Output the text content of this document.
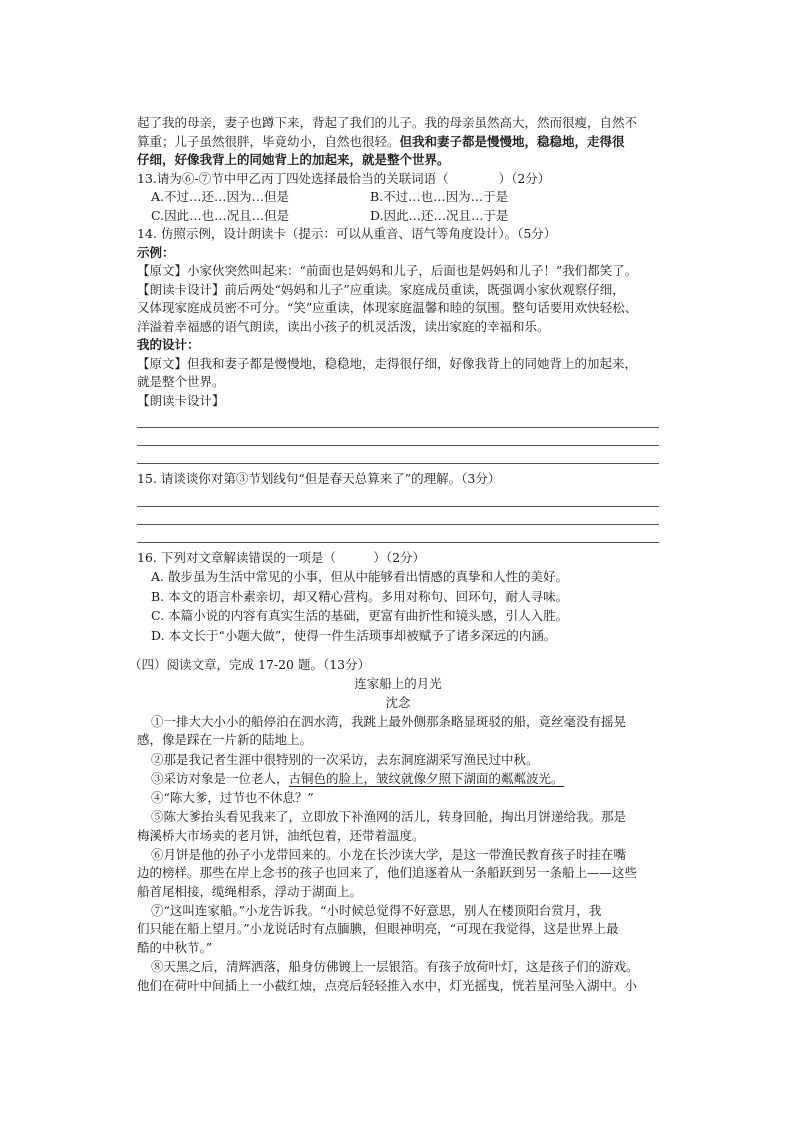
起了我的母亲，妻子也蹲下来，背起了我们的儿子。我的母亲虽然高大，然而很瘦，自然不

算重；儿子虽然很胖，毕竟幼小，自然也很轻。但我和妻子都是慢慢地，稳稳地，走得很

仔细，好像我背上的同她背上的加起来，就是整个世界。

13.请为⑥-⑦节中甲乙丙丁四处选择最恰当的关联词语（　　　　）（2分）

A.不过…还…因为…但是	B.不过…也…因为…于是
C.因此…也…况且…但是	D.因此…还…况且…于是

14. 仿照示例，设计朗读卡（提示：可以从重音、语气等角度设计）。（5分）

示例：

【原文】小家伙突然叫起来：“前面也是妈妈和儿子，后面也是妈妈和儿子！”我们都笑了。

【朗读卡设计】前后两处“妈妈和儿子”应重读。家庭成员重读，既强调小家伙观察仔细，

又体现家庭成员密不可分。“笑”应重读，体现家庭温馨和睦的氛围。整句话要用欢快轻松、

洋溢着幸福感的语气朗读，读出小孩子的机灵活泼，读出家庭的幸福和乐。

我的设计：

【原文】但我和妻子都是慢慢地，稳稳地，走得很仔细，好像我背上的同她背上的加起来，

就是整个世界。

【朗读卡设计】

15. 请谈谈你对第③节划线句“但是春天总算来了”的理解。（3分）

16. 下列对文章解读错误的一项是（　　　）（2分）

A. 散步虽为生活中常见的小事，但从中能够看出情感的真挚和人性的美好。

B. 本文的语言朴素亲切，却又精心营构。多用对称句、回环句，耐人寻味。

C. 本篇小说的内容有真实生活的基础，更富有曲折性和镜头感，引人入胜。

D. 本文长于“小题大做”，使得一件生活琐事却被赋予了诸多深远的内涵。

（四）阅读文章，完成 17-20 题。（13分）

连家船上的月光

沈念

①一排大大小小的船停泊在泗水湾，我跳上最外侧那条略显斑驳的船，竟丝毫没有摇晃

感，像是踩在一片新的陆地上。

②那是我记者生涯中很特别的一次采访，去东洞庭湖采写渔民过中秋。

③采访对象是一位老人，古铜色的脸上，皱纹就像夕照下湖面的粼粼波光。

④“陈大爹，过节也不休息？”

⑤陈大爹抬头看见我来了，立即放下补渔网的活儿，转身回舱，掏出月饼递给我。那是

梅溪桥大市场卖的老月饼，油纸包着，还带着温度。

⑥月饼是他的孙子小龙带回来的。小龙在长沙读大学，是这一带渔民教育孩子时挂在嘴

边的榜样。那些在岸上念书的孩子也回来了，他们追逐着从一条船跃到另一条船上——这些

船首尾相接，缆绳相系，浮动于湖面上。

⑦“这叫连家船。”小龙告诉我。“小时候总觉得不好意思，别人在楼顶阳台赏月，我

们只能在船上望月。”小龙说话时有点腼腆，但眼神明亮，“可现在我觉得，这是世界上最

酷的中秋节。”

⑧天黑之后，清辉洒落，船身仿佛镀上一层银箔。有孩子放荷叶灯，这是孩子们的游戏。

他们在荷叶中间插上一小截红烛，点亮后轻轻推入水中，灯光摇曳，恍若星河坠入湖中。小
